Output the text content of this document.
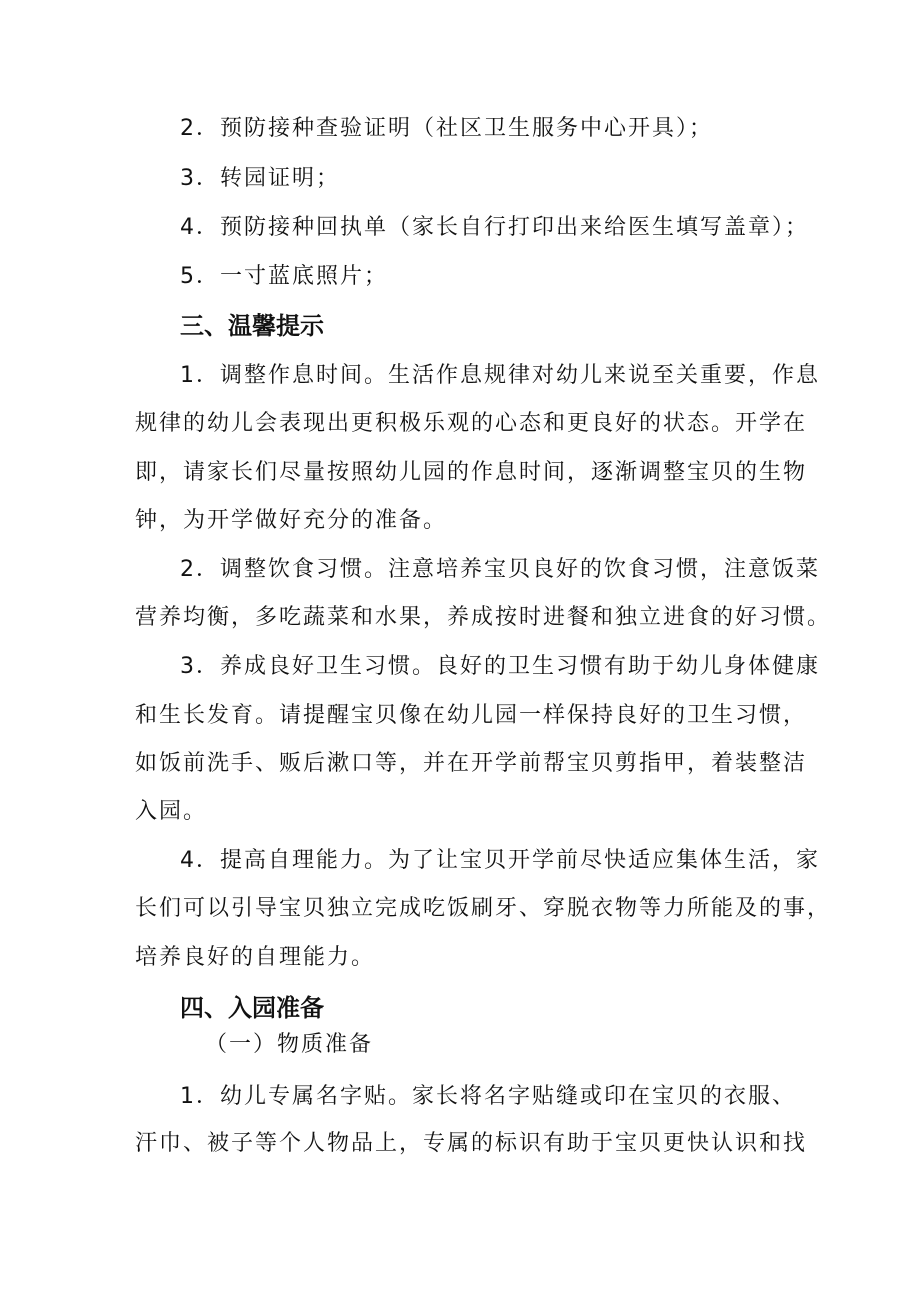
2．预防接种查验证明（社区卫生服务中心开具）；
3．转园证明；
4．预防接种回执单（家长自行打印出来给医生填写盖章）；
5．一寸蓝底照片；
三、温馨提示
1．调整作息时间。生活作息规律对幼儿来说至关重要，作息
规律的幼儿会表现出更积极乐观的心态和更良好的状态。开学在
即，请家长们尽量按照幼儿园的作息时间，逐渐调整宝贝的生物
钟，为开学做好充分的准备。
2．调整饮食习惯。注意培养宝贝良好的饮食习惯，注意饭菜
营养均衡，多吃蔬菜和水果，养成按时进餐和独立进食的好习惯。
3．养成良好卫生习惯。良好的卫生习惯有助于幼儿身体健康
和生长发育。请提醒宝贝像在幼儿园一样保持良好的卫生习惯，
如饭前洗手、贩后漱口等，并在开学前帮宝贝剪指甲，着装整洁
入园。
4．提高自理能力。为了让宝贝开学前尽快适应集体生活，家
长们可以引导宝贝独立完成吃饭刷牙、穿脱衣物等力所能及的事，
培养良好的自理能力。
四、入园准备
（一）物质准备
1．幼儿专属名字贴。家长将名字贴缝或印在宝贝的衣服、
汗巾、被子等个人物品上，专属的标识有助于宝贝更快认识和找
